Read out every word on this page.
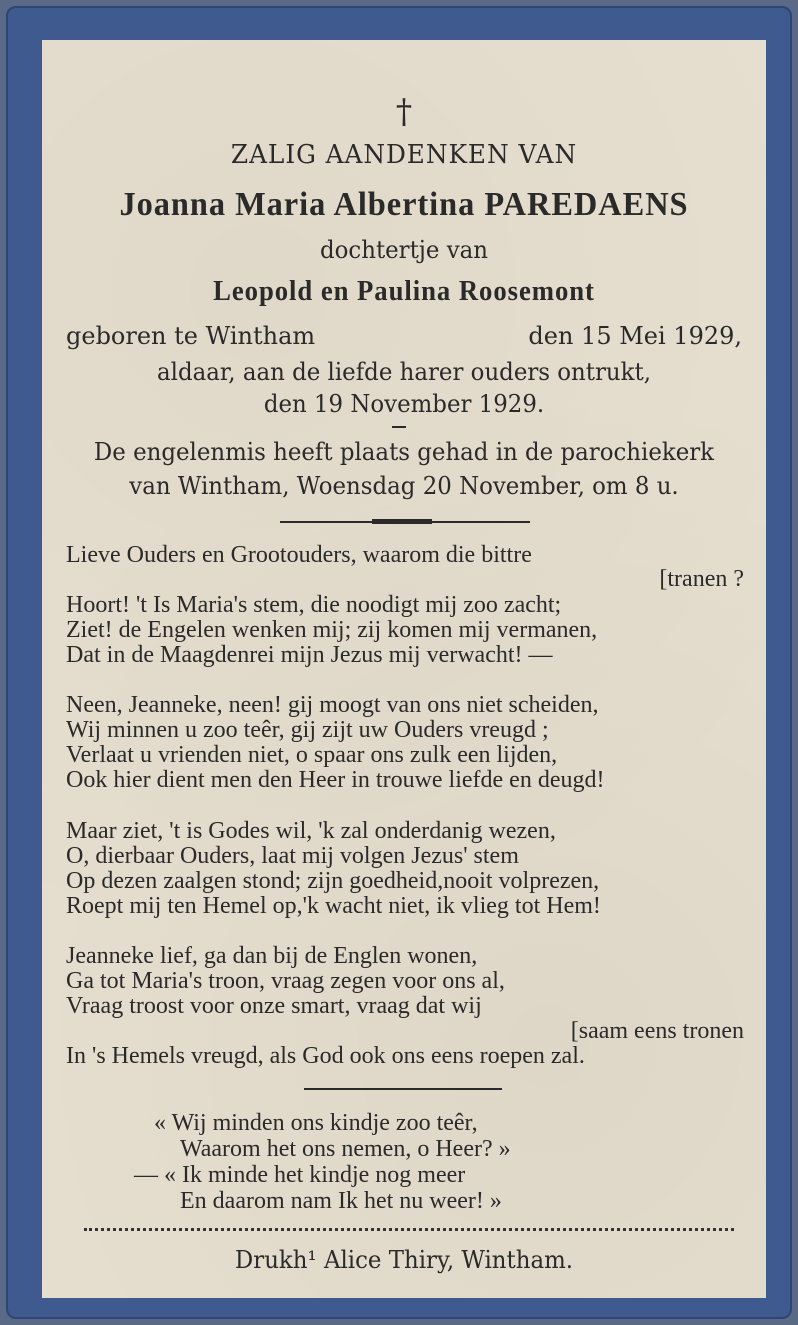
†
ZALIG AANDENKEN VAN
Joanna Maria Albertina PAREDAENS
dochtertje van
Leopold en Paulina Roosemont
geboren te Wintham	den 15 Mei 1929,
aldaar, aan de liefde harer ouders ontrukt,
den 19 November 1929.
De engelenmis heeft plaats gehad in de parochiekerk
van Wintham, Woensdag 20 November, om 8 u.
Lieve Ouders en Grootouders, waarom die bittre
[tranen ?
Hoort! 't Is Maria's stem, die noodigt mij zoo zacht;
Ziet! de Engelen wenken mij; zij komen mij vermanen,
Dat in de Maagdenrei mijn Jezus mij verwacht! —
Neen, Jeanneke, neen! gij moogt van ons niet scheiden,
Wij minnen u zoo teêr, gij zijt uw Ouders vreugd ;
Verlaat u vrienden niet, o spaar ons zulk een lijden,
Ook hier dient men den Heer in trouwe liefde en deugd!
Maar ziet, 't is Godes wil, 'k zal onderdanig wezen,
O, dierbaar Ouders, laat mij volgen Jezus' stem
Op dezen zaalgen stond; zijn goedheid,nooit volprezen,
Roept mij ten Hemel op,'k wacht niet, ik vlieg tot Hem!
Jeanneke lief, ga dan bij de Englen wonen,
Ga tot Maria's troon, vraag zegen voor ons al,
Vraag troost voor onze smart, vraag dat wij
[saam eens tronen
In 's Hemels vreugd, als God ook ons eens roepen zal.
« Wij minden ons kindje zoo teêr,
Waarom het ons nemen, o Heer? »
— « Ik minde het kindje nog meer
En daarom nam Ik het nu weer! »
Drukh¹ Alice Thiry, Wintham.
